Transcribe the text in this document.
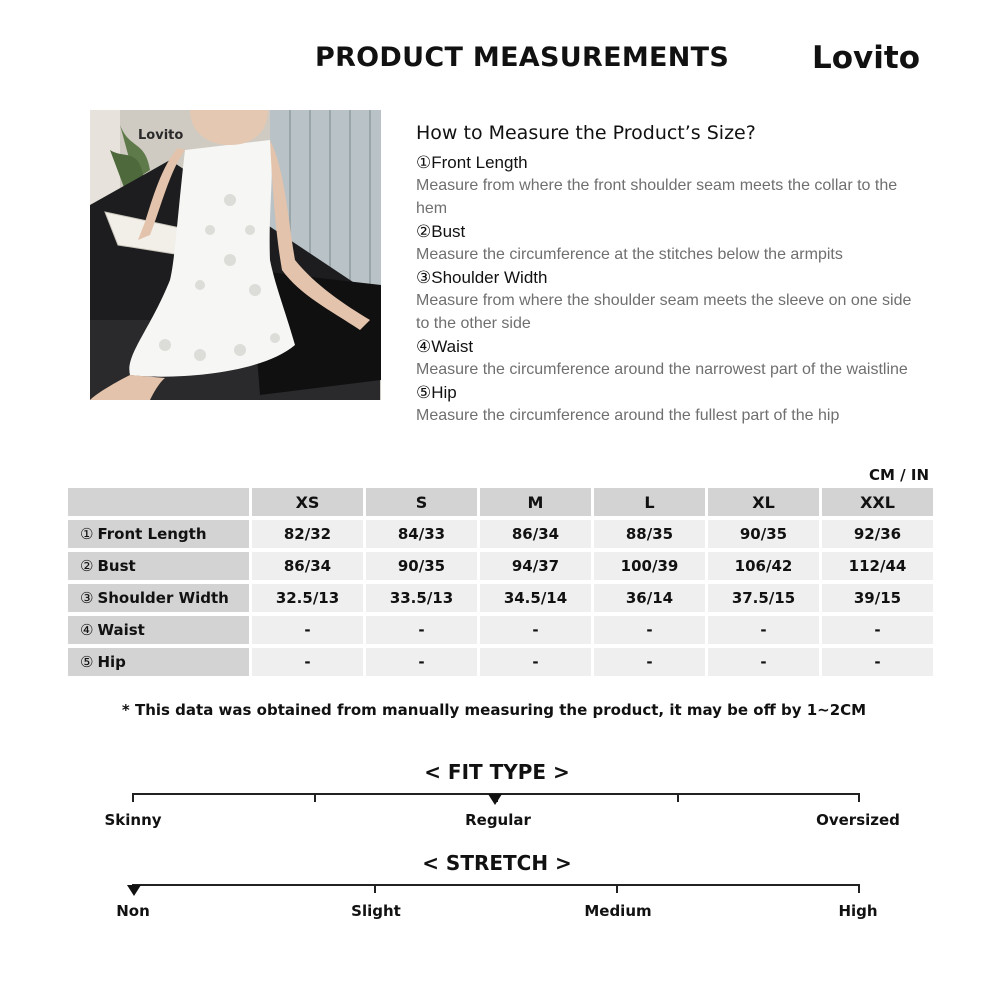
PRODUCT MEASUREMENTS	Lovito
Lovito	How to Measure the Product’s Size?
①Front Length
Measure from where the front shoulder seam meets the collar to the hem
②Bust
Measure the circumference at the stitches below the armpits
③Shoulder Width
Measure from where the shoulder seam meets the sleeve on one side to the other side
④Waist
Measure the circumference around the narrowest part of the waistline
⑤Hip
Measure the circumference around the fullest part of the hip
CM / IN
	XS	S	M	L	XL	XXL
① Front Length	82/32	84/33	86/34	88/35	90/35	92/36
② Bust	86/34	90/35	94/37	100/39	106/42	112/44
③ Shoulder Width	32.5/13	33.5/13	34.5/14	36/14	37.5/15	39/15
④ Waist	-	-	-	-	-	-
⑤ Hip	-	-	-	-	-	-
* This data was obtained from manually measuring the product, it may be off by 1~2CM
< FIT TYPE >
Skinny	Regular	Oversized
< STRETCH >
Non	Slight	Medium	High
